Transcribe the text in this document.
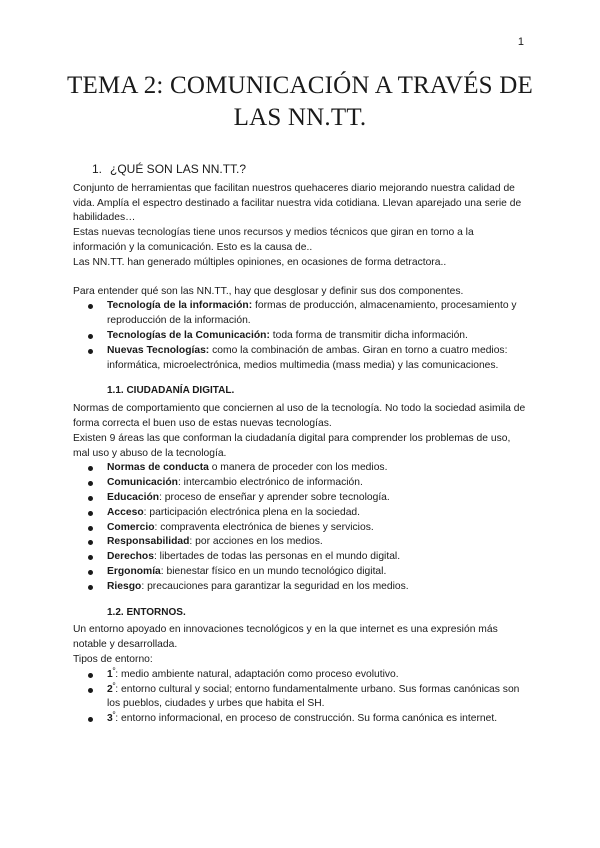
1
TEMA 2: COMUNICACIÓN A TRAVÉS DE
LAS NN.TT.
1. ¿QUÉ SON LAS NN.TT.?

Conjunto de herramientas que facilitan nuestros quehaceres diario mejorando nuestra calidad de vida. Amplía el espectro destinado a facilitar nuestra vida cotidiana. Llevan aparejado una serie de habilidades…

Estas nuevas tecnologías tiene unos recursos y medios técnicos que giran en torno a la información y la comunicación. Esto es la causa de..

Las NN.TT. han generado múltiples opiniones, en ocasiones de forma detractora..

Para entender qué son las NN.TT., hay que desglosar y definir sus dos componentes.

Tecnología de la información: formas de producción, almacenamiento, procesamiento y reproducción de la información.
Tecnologías de la Comunicación: toda forma de transmitir dicha información.
Nuevas Tecnologías: como la combinación de ambas. Giran en torno a cuatro medios: informática, microelectrónica, medios multimedia (mass media) y las comunicaciones.
1.1. CIUDADANÍA DIGITAL.

Normas de comportamiento que conciernen al uso de la tecnología. No todo la sociedad asimila de forma correcta el buen uso de estas nuevas tecnologías.

Existen 9 áreas las que conforman la ciudadanía digital para comprender los problemas de uso, mal uso y abuso de la tecnología.

Normas de conducta o manera de proceder con los medios.
Comunicación: intercambio electrónico de información.
Educación: proceso de enseñar y aprender sobre tecnología.
Acceso: participación electrónica plena en la sociedad.
Comercio: compraventa electrónica de bienes y servicios.
Responsabilidad: por acciones en los medios.
Derechos: libertades de todas las personas en el mundo digital.
Ergonomía: bienestar físico en un mundo tecnológico digital.
Riesgo: precauciones para garantizar la seguridad en los medios.
1.2. ENTORNOS.

Un entorno apoyado en innovaciones tecnológicos y en la que internet es una expresión más notable y desarrollada.

Tipos de entorno:

$1^º$: medio ambiente natural, adaptación como proceso evolutivo.
$2^º$: entorno cultural y social; entorno fundamentalmente urbano. Sus formas canónicas son los pueblos, ciudades y urbes que habita el SH.
$3^º$: entorno informacional, en proceso de construcción. Su forma canónica es internet.
